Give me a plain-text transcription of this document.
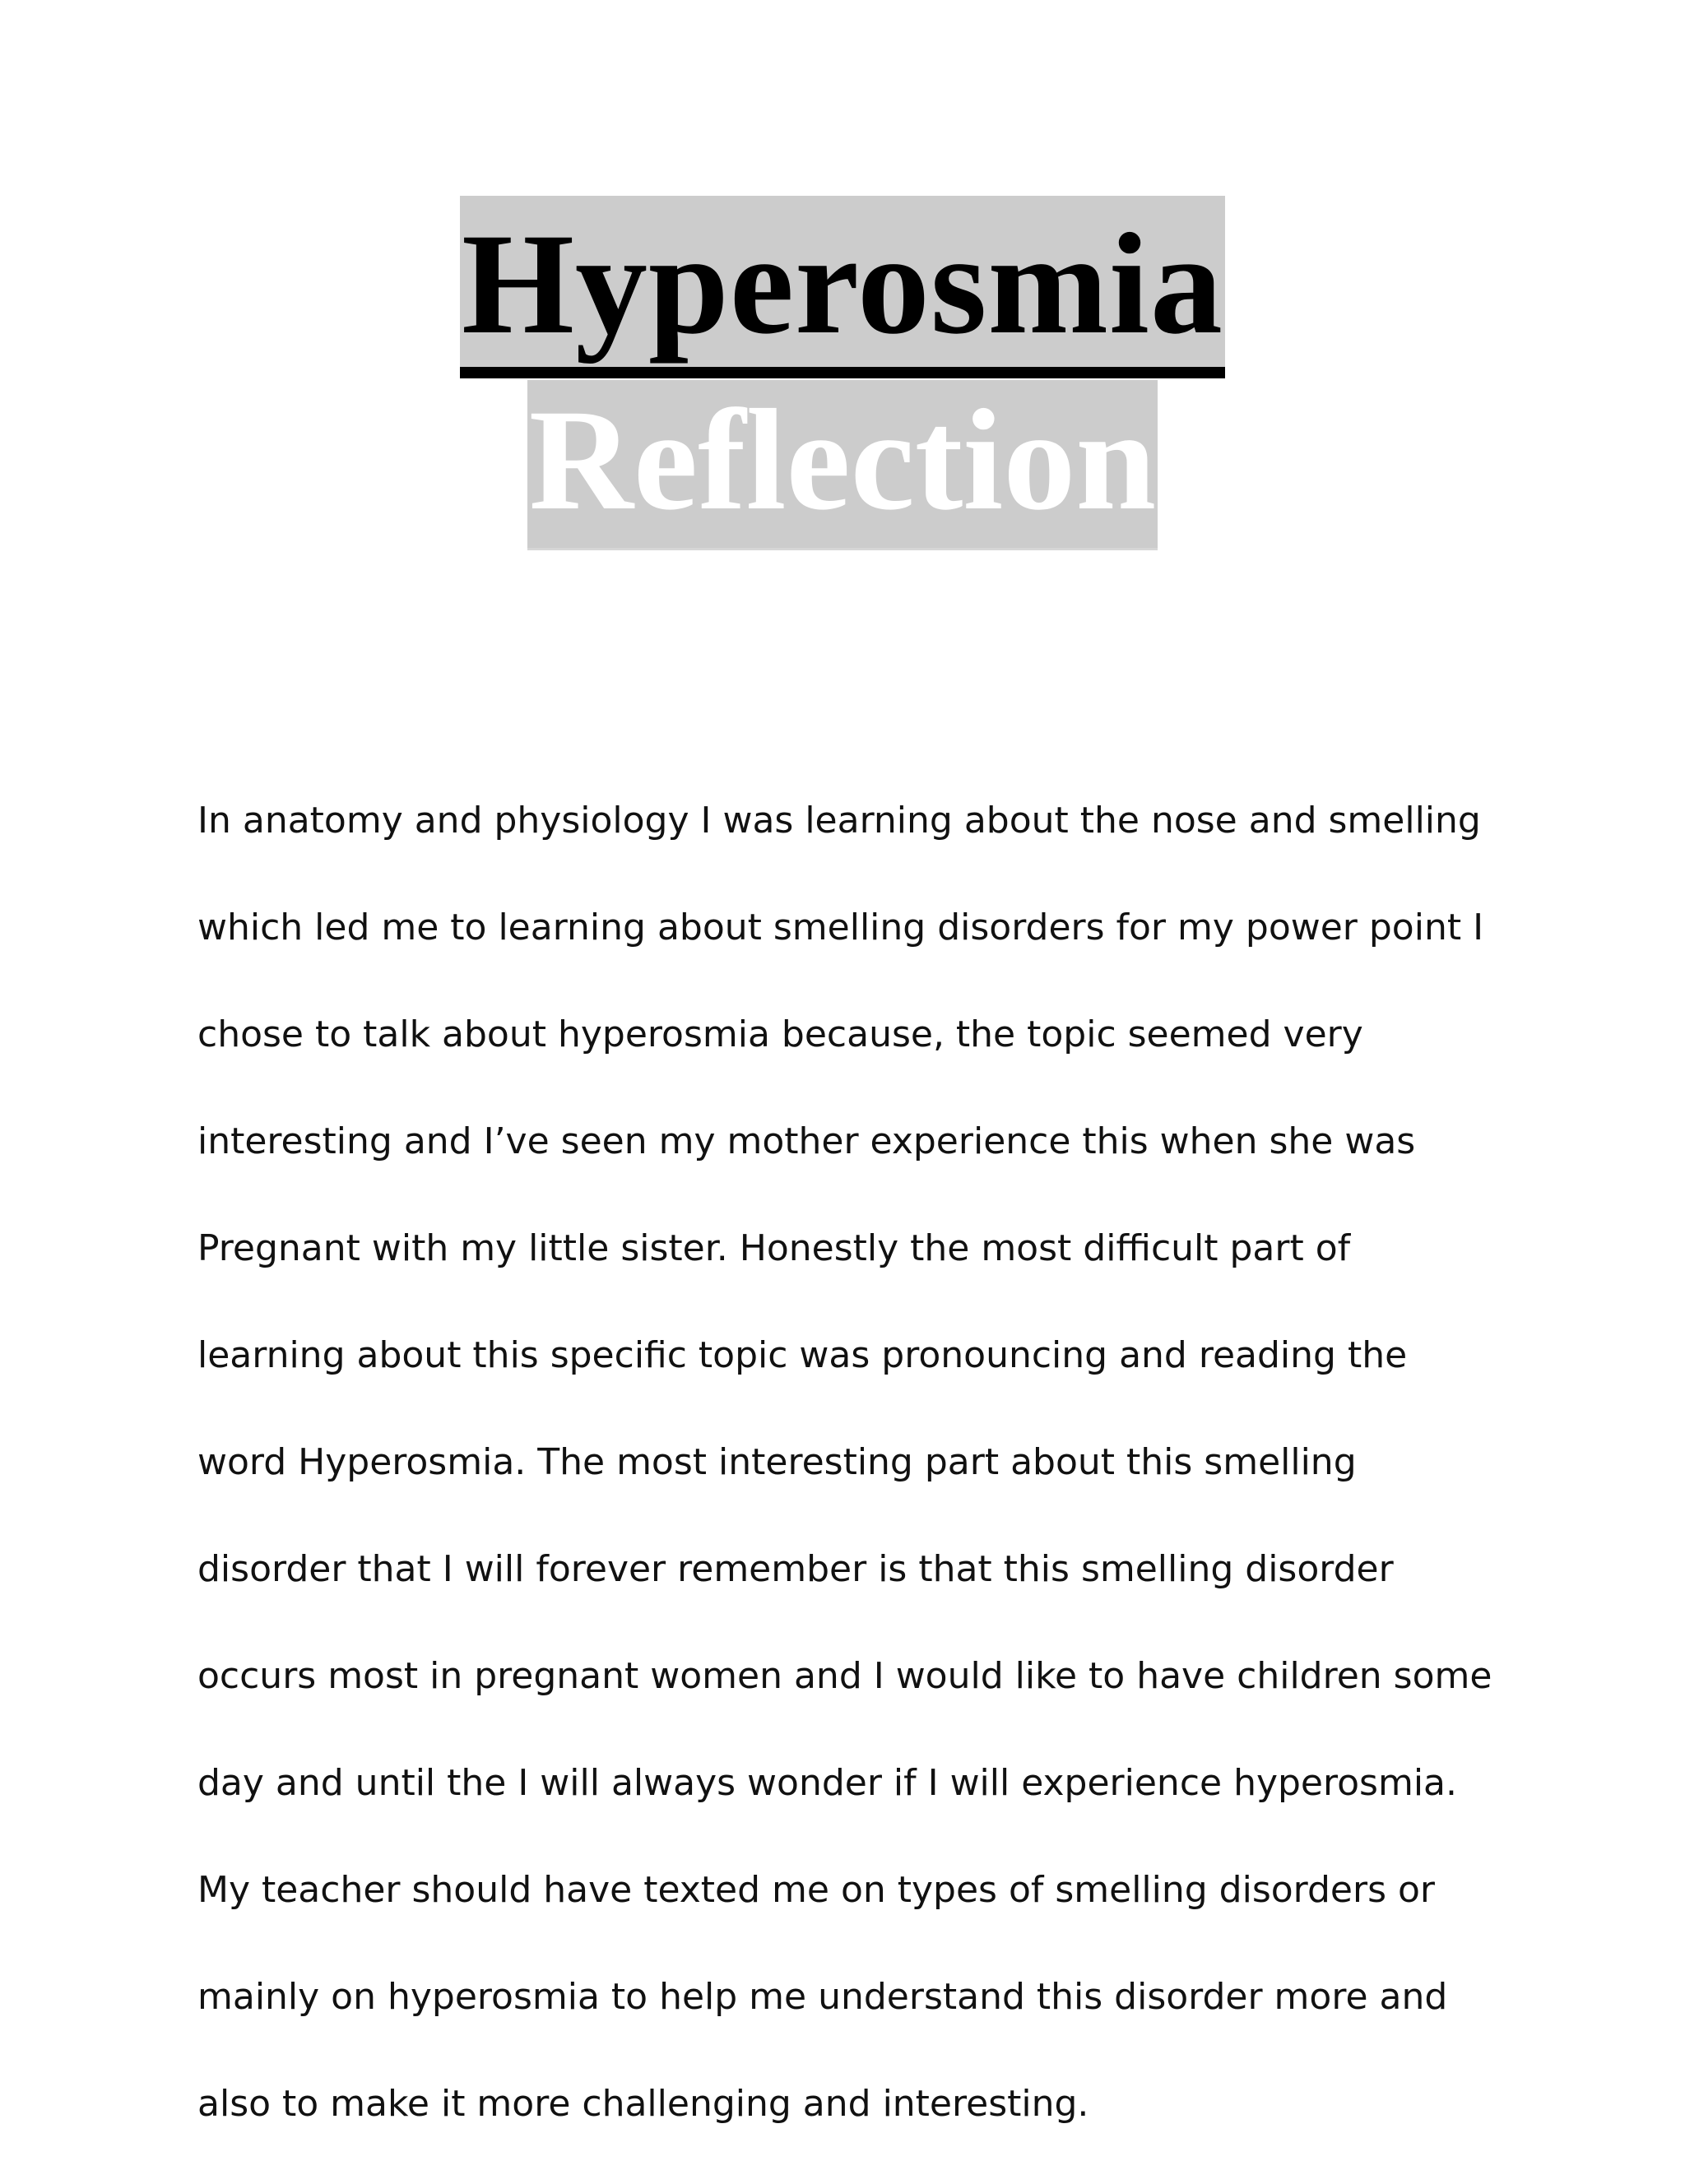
Hyperosmia
Reflection

In anatomy and physiology I was learning about the nose and smelling

which led me to learning about smelling disorders for my power point I

chose to talk about hyperosmia because, the topic seemed very

interesting and I’ve seen my mother experience this when she was

Pregnant with my little sister. Honestly the most difficult part of

learning about this specific topic was pronouncing and reading the

word Hyperosmia. The most interesting part about this smelling

disorder that I will forever remember is that this smelling disorder

occurs most in pregnant women and I would like to have children some

day and until the I will always wonder if I will experience hyperosmia.

My teacher should have texted me on types of smelling disorders or

mainly on hyperosmia to help me understand this disorder more and

also to make it more challenging and interesting.
